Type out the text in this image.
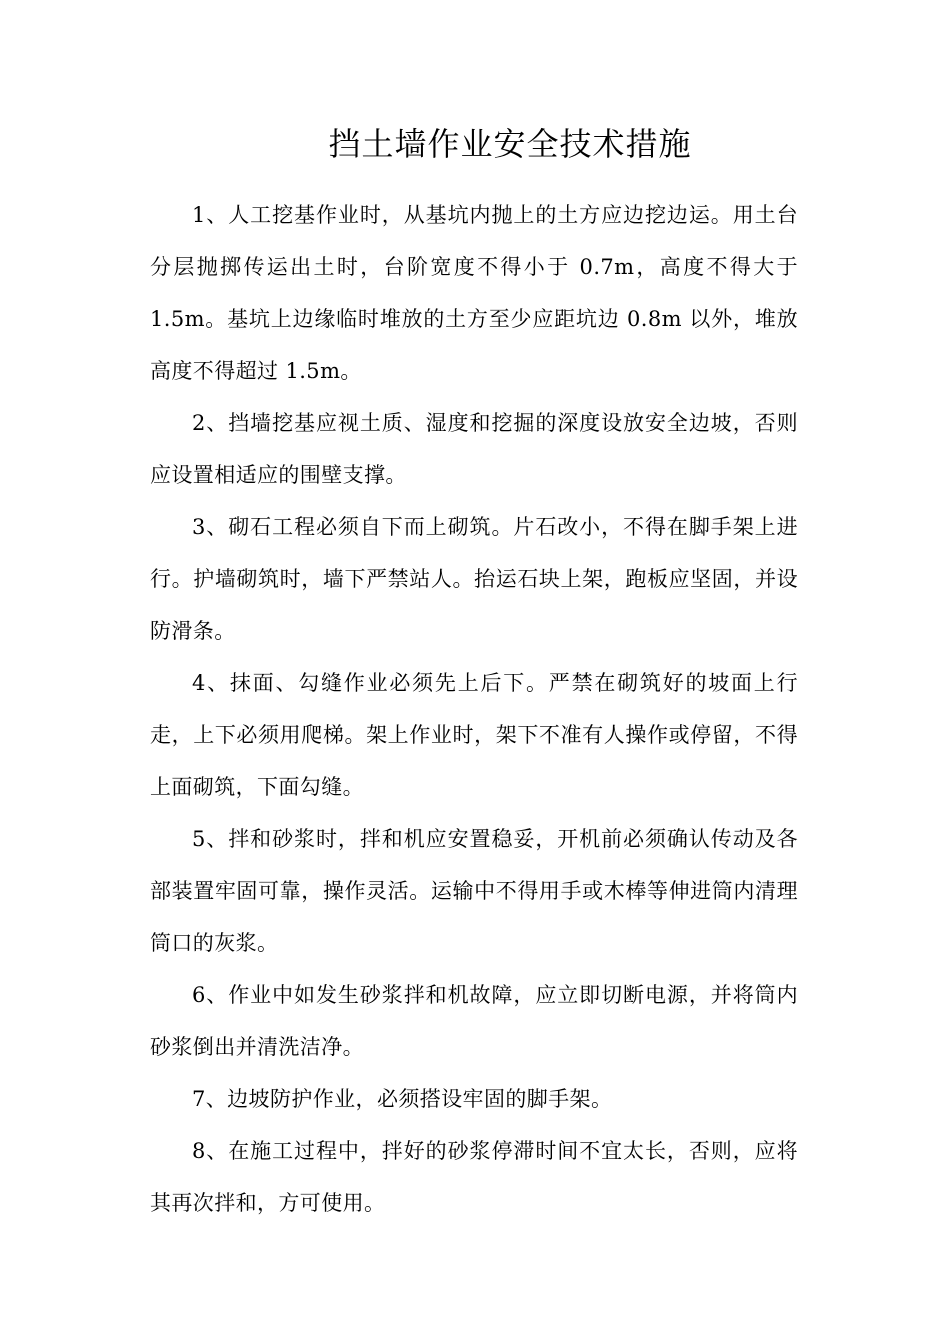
挡土墙作业安全技术措施

1、人工挖基作业时，从基坑内抛上的土方应边挖边运。用土台分层抛掷传运出土时，台阶宽度不得小于 0.7m，高度不得大于 1.5m。基坑上边缘临时堆放的土方至少应距坑边 0.8m 以外，堆放高度不得超过 1.5m。

2、挡墙挖基应视土质、湿度和挖掘的深度设放安全边坡，否则应设置相适应的围壁支撑。

3、砌石工程必须自下而上砌筑。片石改小，不得在脚手架上进行。护墙砌筑时，墙下严禁站人。抬运石块上架，跑板应坚固，并设防滑条。

4、抹面、勾缝作业必须先上后下。严禁在砌筑好的坡面上行走，上下必须用爬梯。架上作业时，架下不准有人操作或停留，不得上面砌筑，下面勾缝。

5、拌和砂浆时，拌和机应安置稳妥，开机前必须确认传动及各部装置牢固可靠，操作灵活。运输中不得用手或木棒等伸进筒内清理筒口的灰浆。

6、作业中如发生砂浆拌和机故障，应立即切断电源，并将筒内砂浆倒出并清洗洁净。

7、边坡防护作业，必须搭设牢固的脚手架。

8、在施工过程中，拌好的砂浆停滞时间不宜太长，否则，应将其再次拌和，方可使用。
